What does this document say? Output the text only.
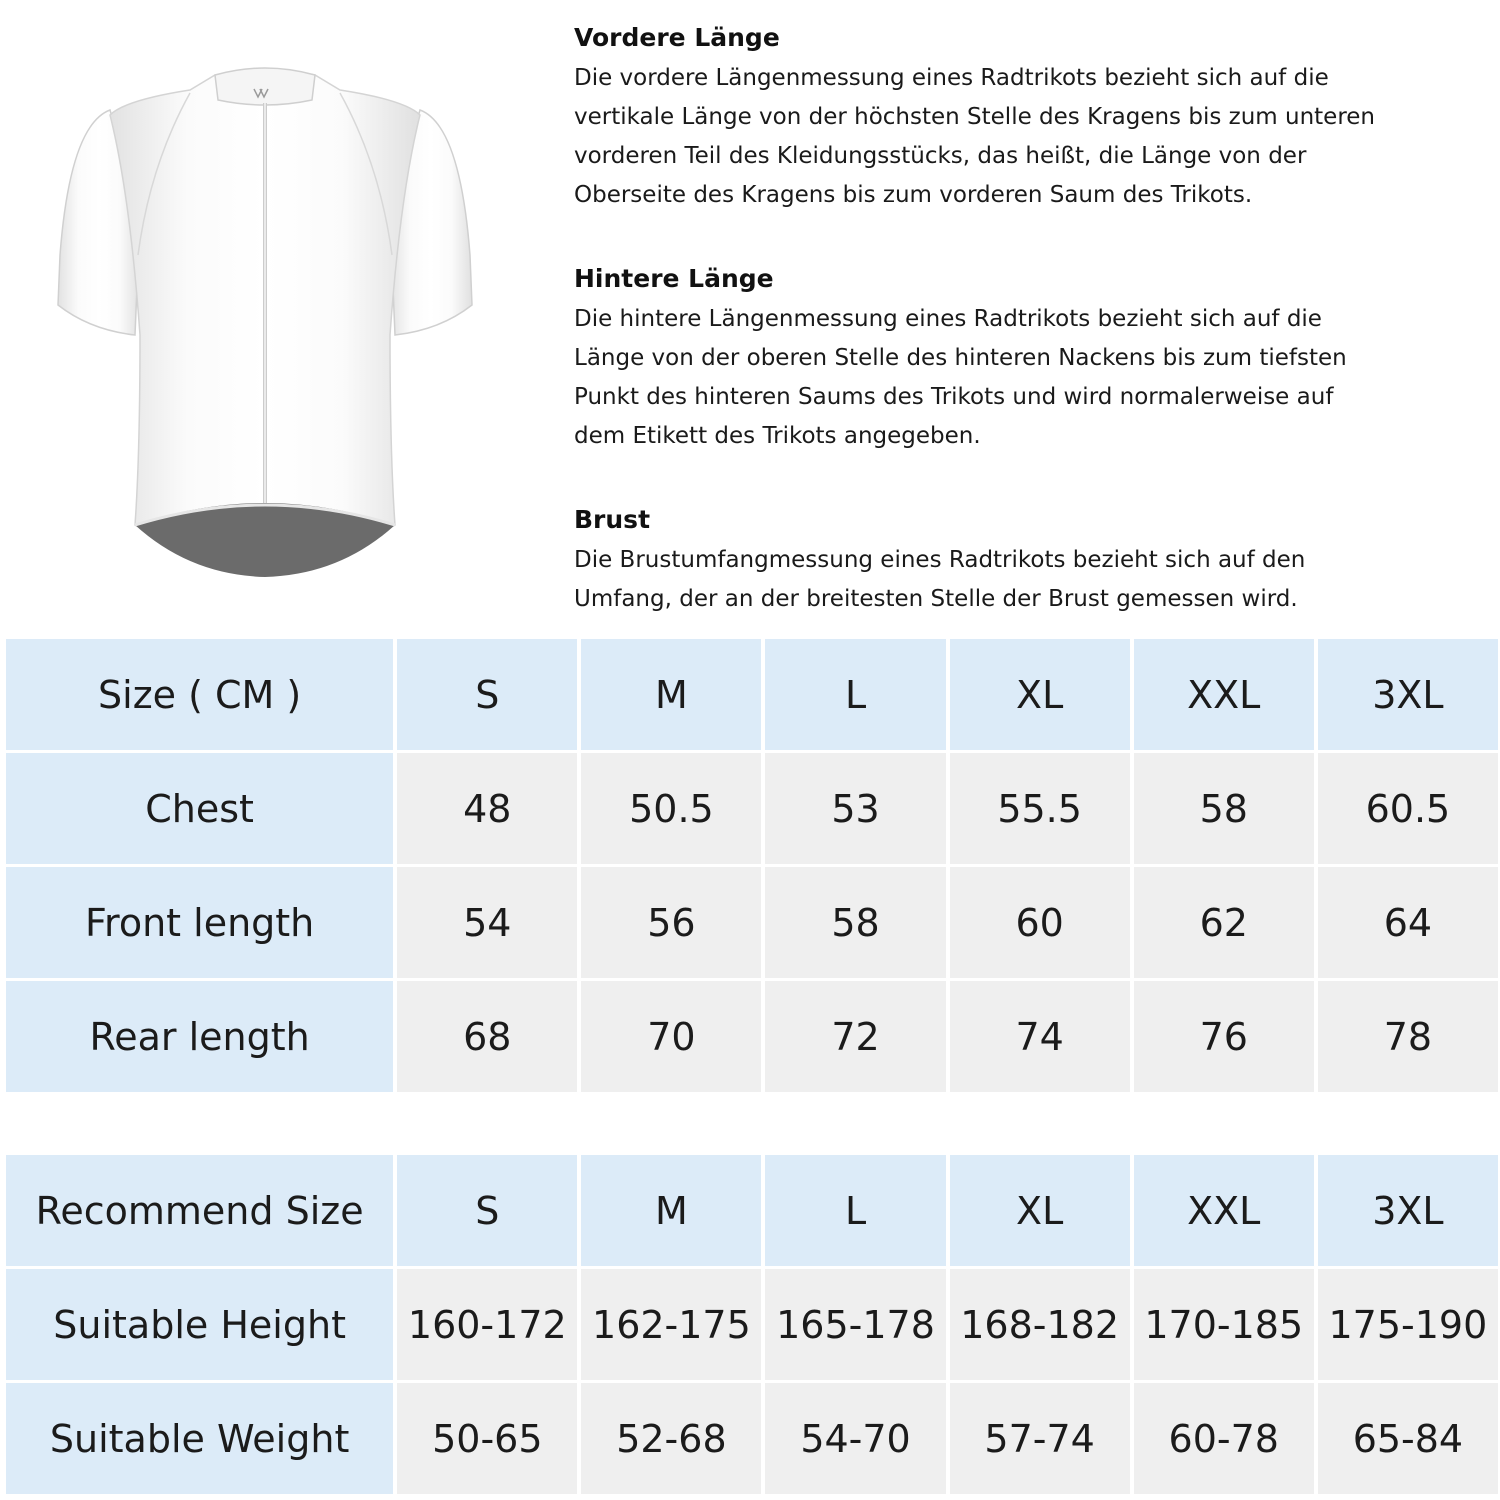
Vordere Länge

Die vordere Längenmessung eines Radtrikots bezieht sich auf die
vertikale Länge von der höchsten Stelle des Kragens bis zum unteren
vorderen Teil des Kleidungsstücks, das heißt, die Länge von der
Oberseite des Kragens bis zum vorderen Saum des Trikots.

Hintere Länge

Die hintere Längenmessung eines Radtrikots bezieht sich auf die
Länge von der oberen Stelle des hinteren Nackens bis zum tiefsten
Punkt des hinteren Saums des Trikots und wird normalerweise auf
dem Etikett des Trikots angegeben.

Brust

Die Brustumfangmessung eines Radtrikots bezieht sich auf den
Umfang, der an der breitesten Stelle der Brust gemessen wird.

Size ( CM )	S	M	L	XL	XXL	3XL
Chest	48	50.5	53	55.5	58	60.5
Front length	54	56	58	60	62	64
Rear length	68	70	72	74	76	78
Recommend Size	S	M	L	XL	XXL	3XL
Suitable Height	160-172	162-175	165-178	168-182	170-185	175-190
Suitable Weight	50-65	52-68	54-70	57-74	60-78	65-84
